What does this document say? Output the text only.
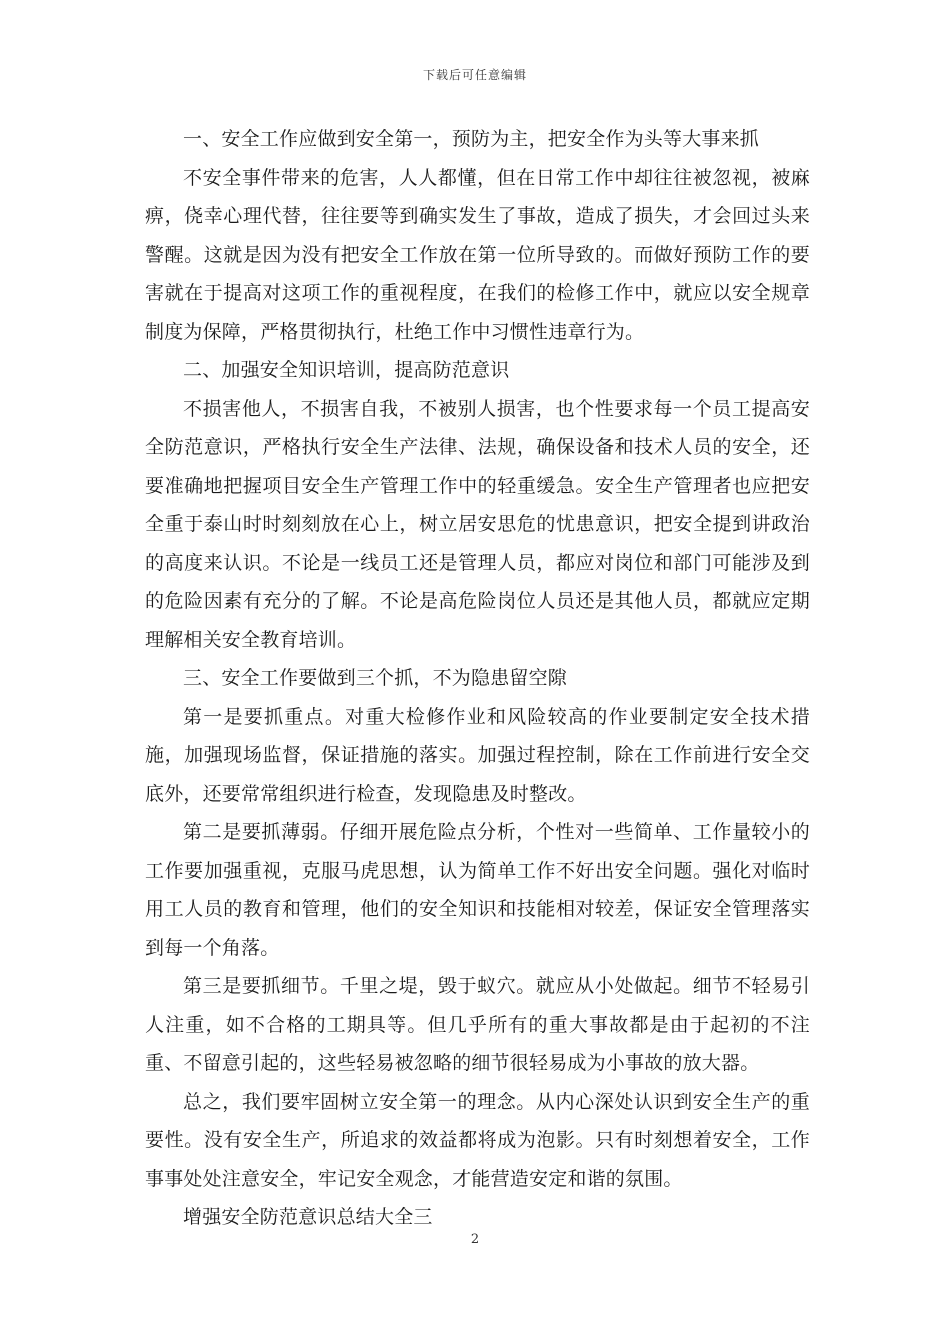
下载后可任意编辑

一、安全工作应做到安全第一，预防为主，把安全作为头等大事来抓

不安全事件带来的危害，人人都懂，但在日常工作中却往往被忽视，被麻痹，侥幸心理代替，往往要等到确实发生了事故，造成了损失，才会回过头来警醒。这就是因为没有把安全工作放在第一位所导致的。而做好预防工作的要害就在于提高对这项工作的重视程度，在我们的检修工作中，就应以安全规章制度为保障，严格贯彻执行，杜绝工作中习惯性违章行为。

二、加强安全知识培训，提高防范意识

不损害他人，不损害自我，不被别人损害，也个性要求每一个员工提高安全防范意识，严格执行安全生产法律、法规，确保设备和技术人员的安全，还要准确地把握项目安全生产管理工作中的轻重缓急。安全生产管理者也应把安全重于泰山时时刻刻放在心上，树立居安思危的忧患意识，把安全提到讲政治的高度来认识。不论是一线员工还是管理人员，都应对岗位和部门可能涉及到的危险因素有充分的了解。不论是高危险岗位人员还是其他人员，都就应定期理解相关安全教育培训。

三、安全工作要做到三个抓，不为隐患留空隙

第一是要抓重点。对重大检修作业和风险较高的作业要制定安全技术措施，加强现场监督，保证措施的落实。加强过程控制，除在工作前进行安全交底外，还要常常组织进行检查，发现隐患及时整改。

第二是要抓薄弱。仔细开展危险点分析，个性对一些简单、工作量较小的工作要加强重视，克服马虎思想，认为简单工作不好出安全问题。强化对临时用工人员的教育和管理，他们的安全知识和技能相对较差，保证安全管理落实到每一个角落。

第三是要抓细节。千里之堤，毁于蚁穴。就应从小处做起。细节不轻易引人注重，如不合格的工期具等。但几乎所有的重大事故都是由于起初的不注重、不留意引起的，这些轻易被忽略的细节很轻易成为小事故的放大器。

总之，我们要牢固树立安全第一的理念。从内心深处认识到安全生产的重要性。没有安全生产，所追求的效益都将成为泡影。只有时刻想着安全，工作事事处处注意安全，牢记安全观念，才能营造安定和谐的氛围。

增强安全防范意识总结大全三

2
